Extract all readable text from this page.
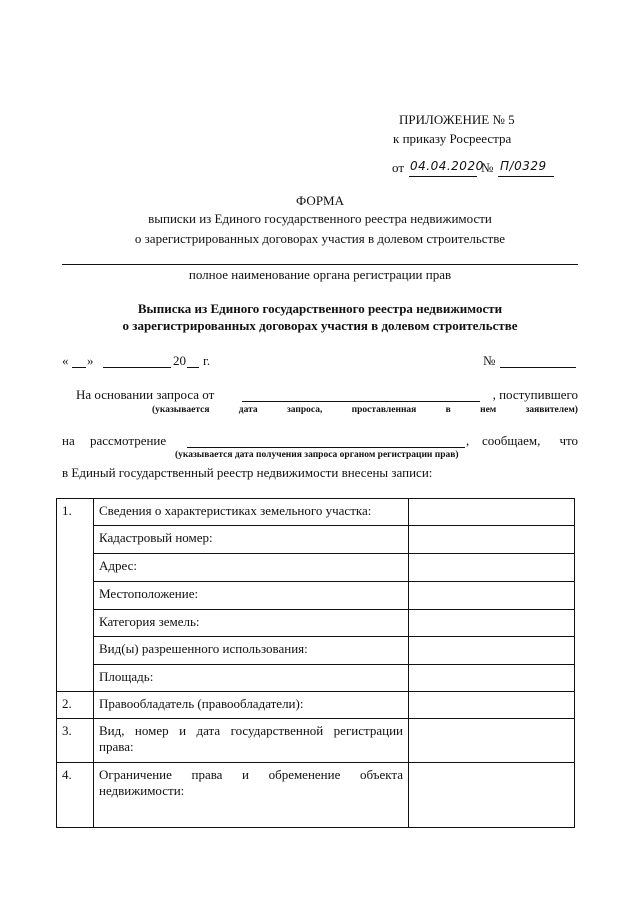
ПРИЛОЖЕНИЕ № 5
к приказу Росреестра
от 04.04.2020
№ П/0329
ФОРМА
выписки из Единого государственного реестра недвижимости
о зарегистрированных договорах участия в долевом строительстве
полное наименование органа регистрации прав
Выписка из Единого государственного реестра недвижимости
о зарегистрированных договорах участия в долевом строительстве
« »	20 г.	№
На основании запроса от	, поступившего
(указывается	дата	запроса,	проставленная	в	нем	заявителем)
на рассмотрение	, сообщаем, что
(указывается дата получения запроса органом регистрации прав)
в Единый государственный реестр недвижимости внесены записи:
1.	Сведения о характеристиках земельного участка:	
	Кадастровый номер:	
	Адрес:	
	Местоположение:	
	Категория земель:	
	Вид(ы) разрешенного использования:	
	Площадь:	
2.	Правообладатель (правообладатели):	
3.	Вид, номер и дата государственной регистрации права:	
4.	Ограничение права и обременение объекта недвижимости:	
